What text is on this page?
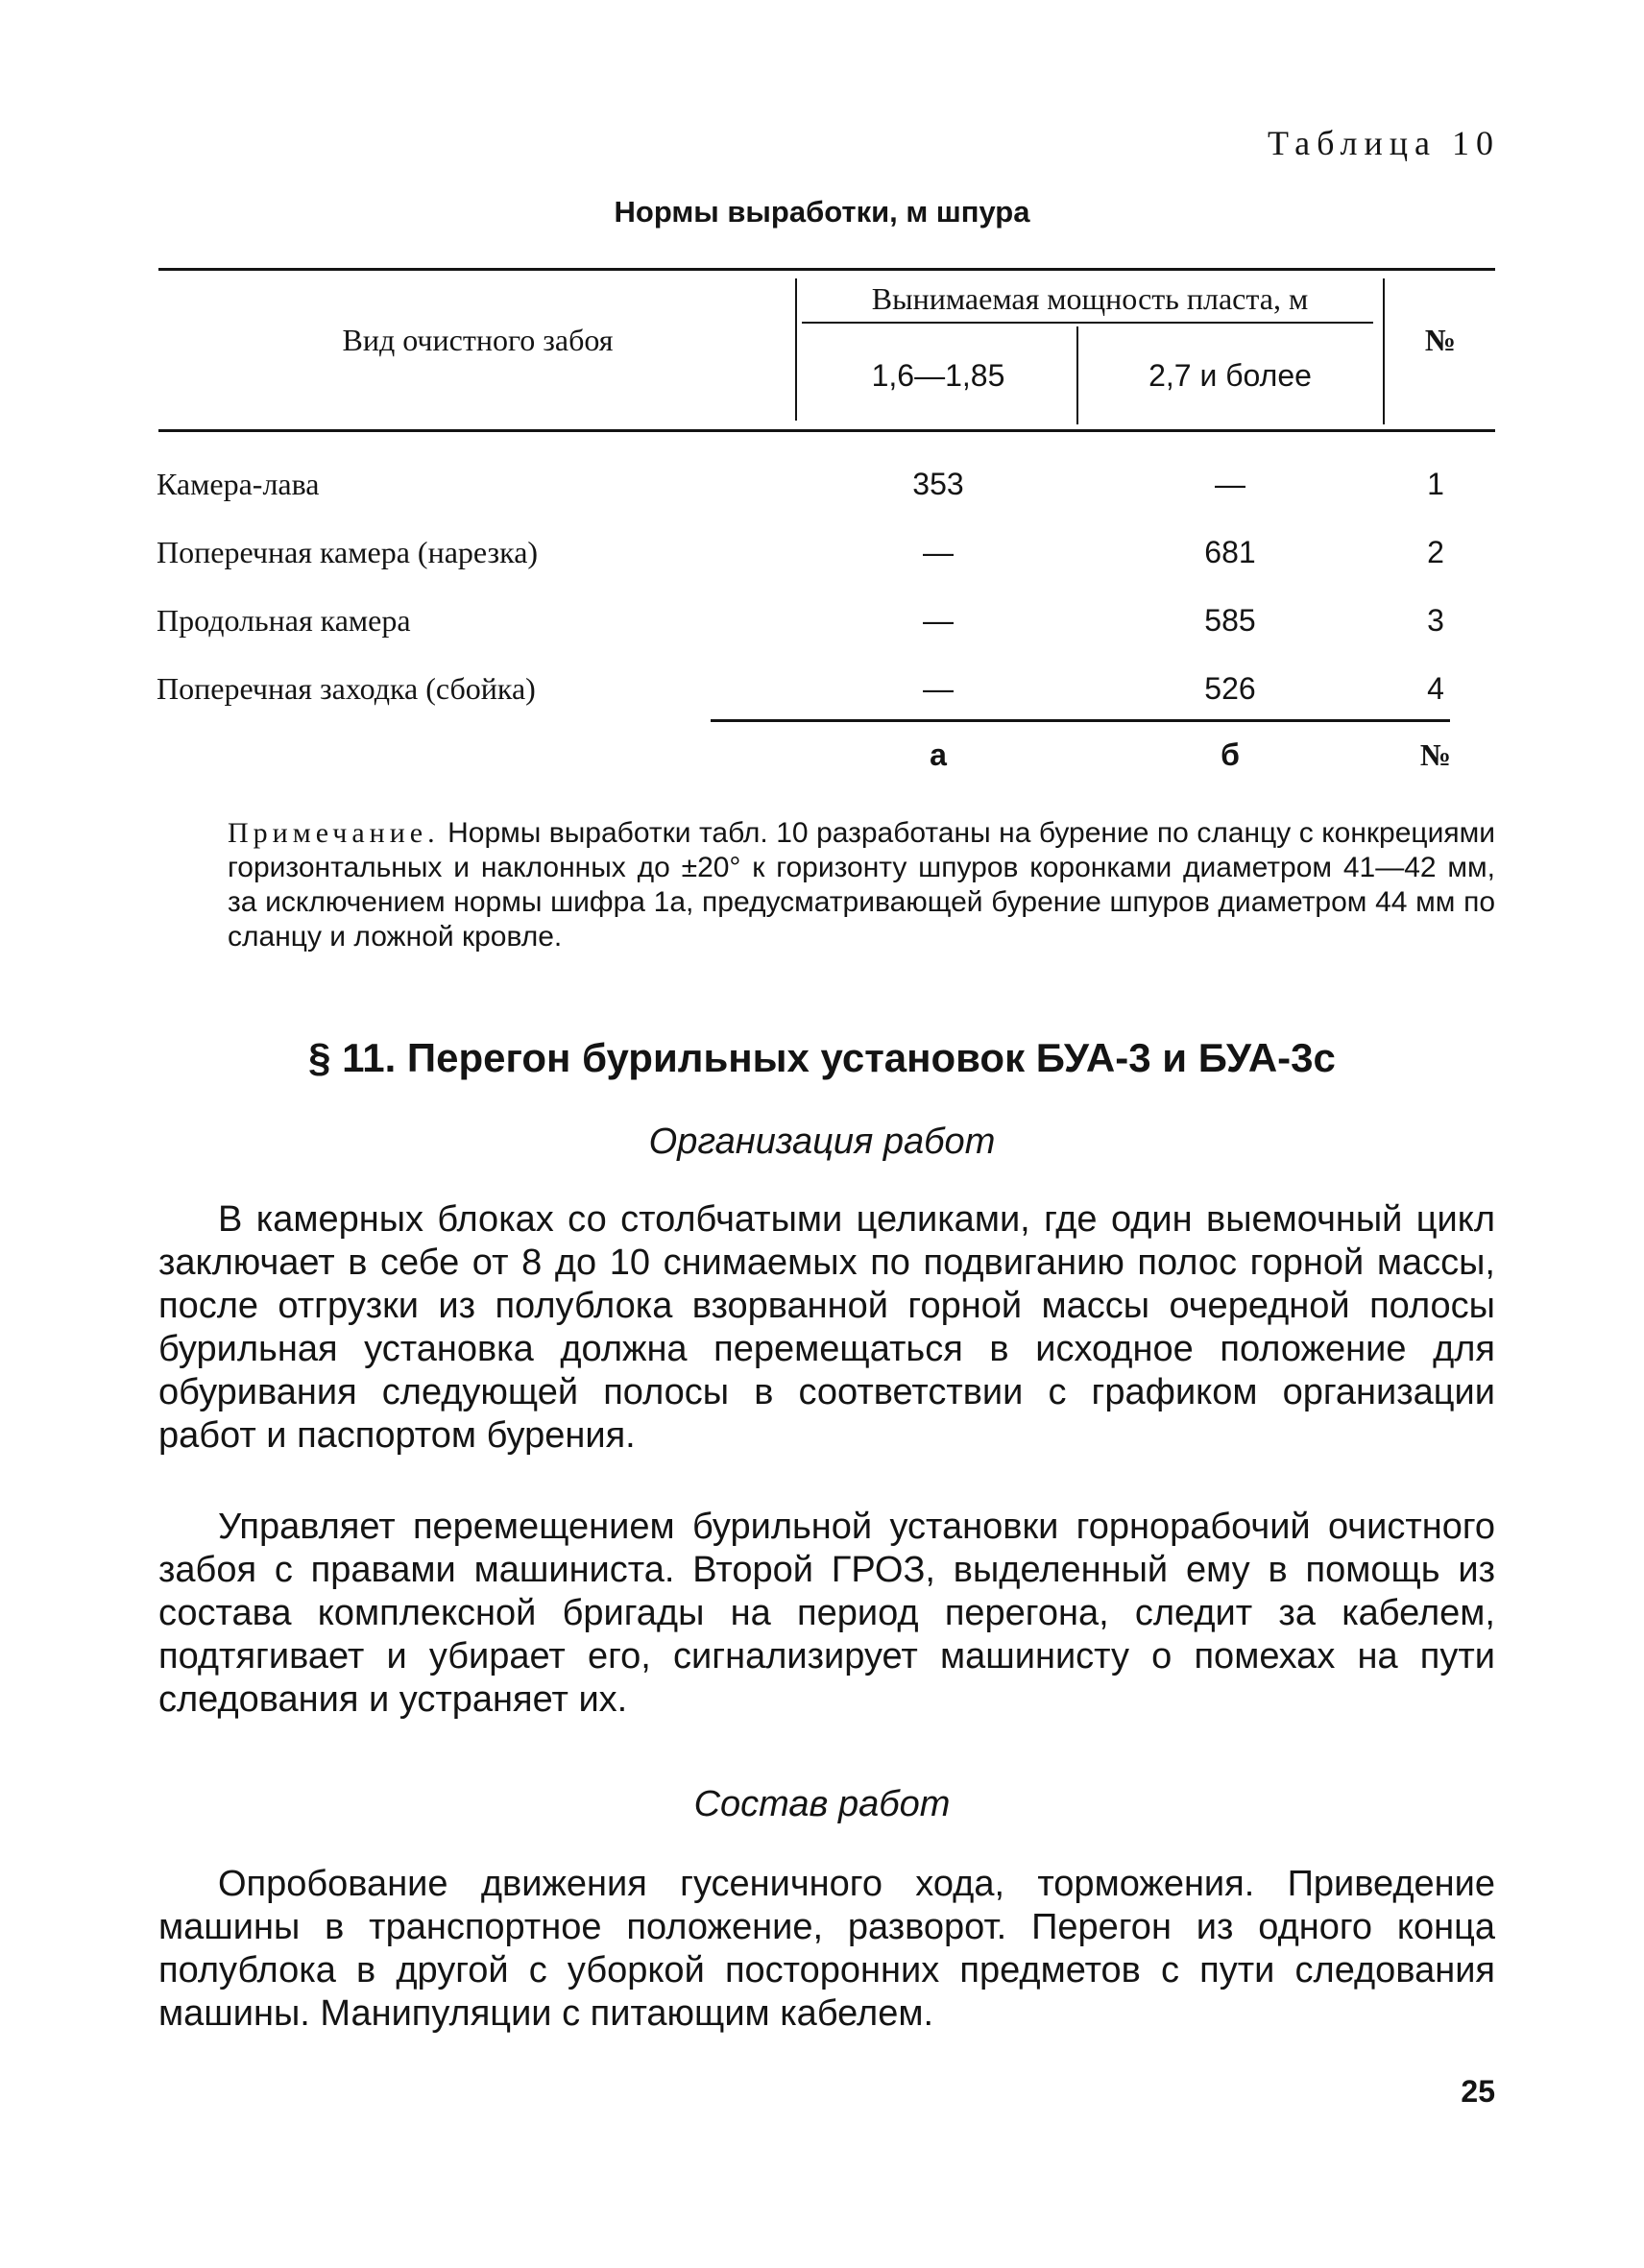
Таблица 10
Нормы выработки, м шпура
Вид очистного забоя
Вынимаемая мощность пласта, м
1,6—1,85	2,7 и более
№
Камера-лава	353	—	1
Поперечная камера (нарезка)	—	681	2
Продольная камера	—	585	3
Поперечная заходка (сбойка)	—	526	4
а	б	№
Примечание. Нормы выработки табл. 10 разработаны на бурение по сланцу с конкрециями горизонтальных и наклонных до ±20° к горизонту шпуров коронками диаметром 41—42 мм, за исключением нормы шифра 1а, предусматривающей бурение шпуров диаметром 44 мм по сланцу и ложной кровле.
§ 11. Перегон бурильных установок БУА-3 и БУА-3с
Организация работ
В камерных блоках со столбчатыми целиками, где один выемочный цикл заключает в себе от 8 до 10 снимаемых по подвиганию полос горной массы, после отгрузки из полублока взорванной горной массы очередной полосы бурильная установка должна перемещаться в исходное положение для обуривания следующей полосы в соответствии с графиком организации работ и паспортом бурения.
Управляет перемещением бурильной установки горнорабочий очистного забоя с правами машиниста. Второй ГРОЗ, выделенный ему в помощь из состава комплексной бригады на период перегона, следит за кабелем, подтягивает и убирает его, сигнализирует машинисту о помехах на пути следования и устраняет их.
Состав работ
Опробование движения гусеничного хода, торможения. Приведение машины в транспортное положение, разворот. Перегон из одного конца полублока в другой с уборкой посторонних предметов с пути следования машины. Манипуляции с питающим кабелем.
25
